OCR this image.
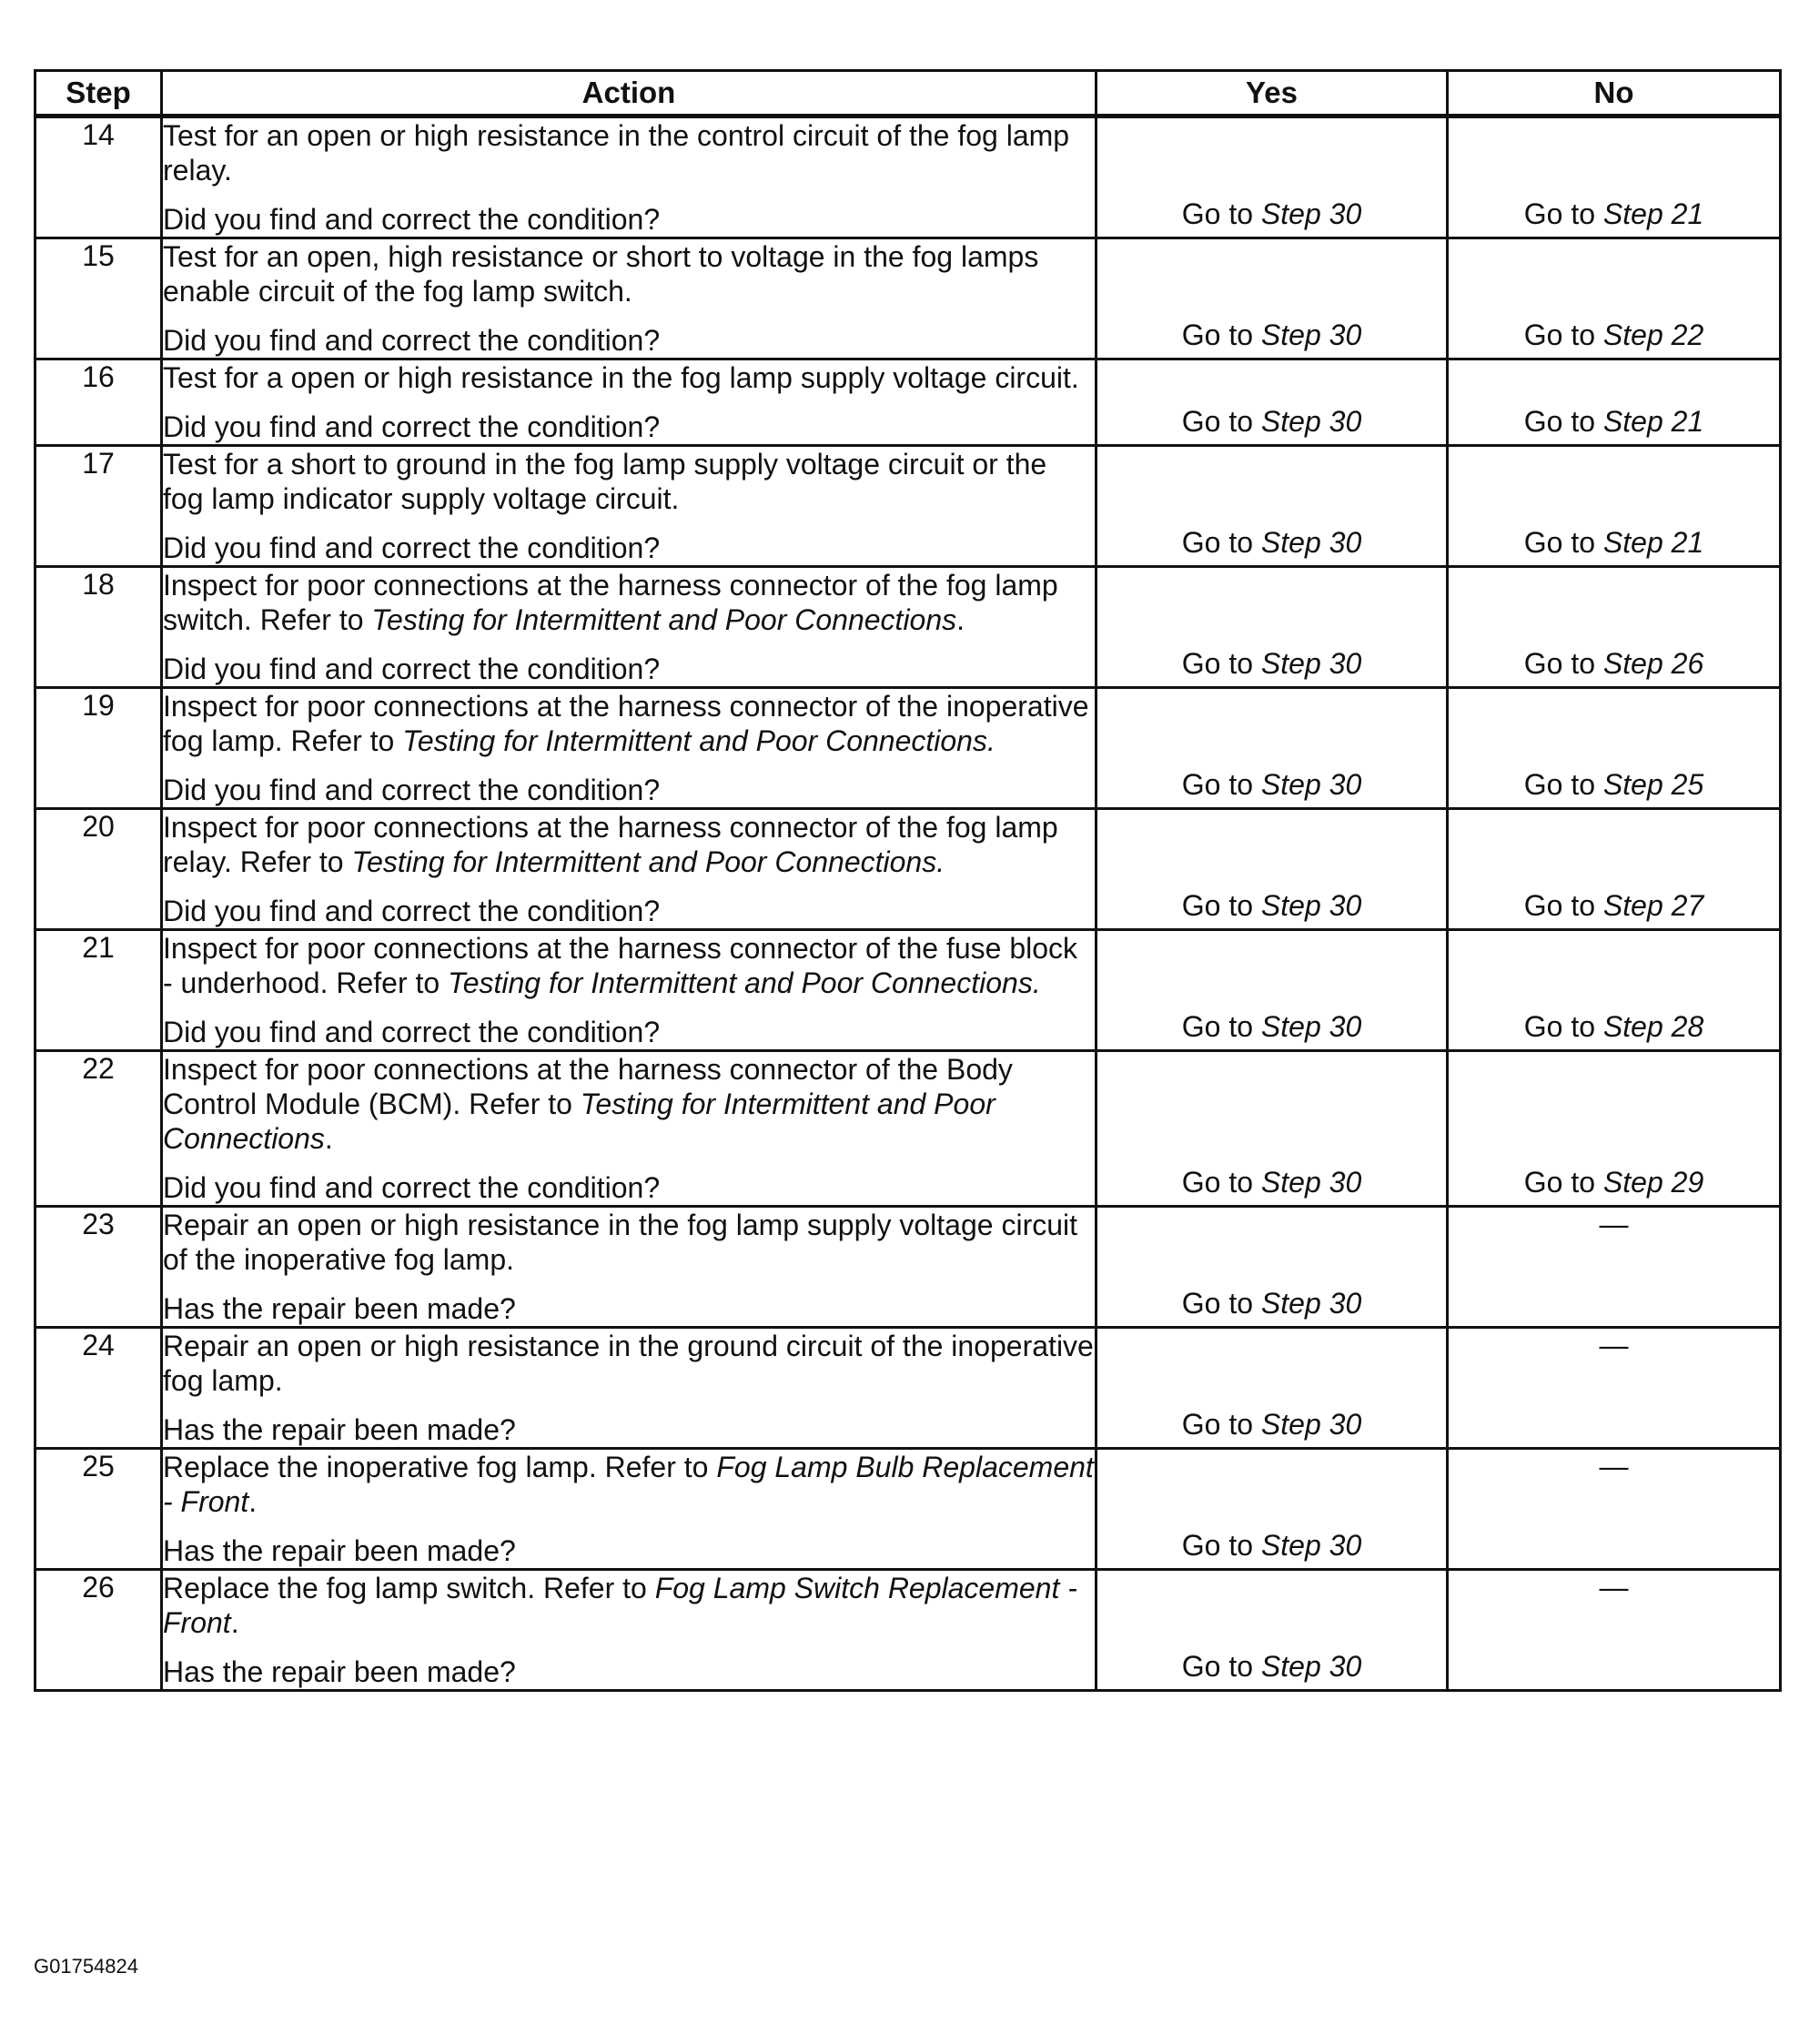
Step	Action	Yes	No
14	Test for an open or high resistance in the control circuit of the fog lamp relay.
Did you find and correct the condition?	Go to Step 30	Go to Step 21

15	Test for an open, high resistance or short to voltage in the fog lamps enable circuit of the fog lamp switch.
Did you find and correct the condition?	Go to Step 30	Go to Step 22

16	Test for a open or high resistance in the fog lamp supply voltage circuit.
Did you find and correct the condition?	Go to Step 30	Go to Step 21

17	Test for a short to ground in the fog lamp supply voltage circuit or the fog lamp indicator supply voltage circuit.
Did you find and correct the condition?	Go to Step 30	Go to Step 21

18	Inspect for poor connections at the harness connector of the fog lamp switch. Refer to Testing for Intermittent and Poor Connections.
Did you find and correct the condition?	Go to Step 30	Go to Step 26

19	Inspect for poor connections at the harness connector of the inoperative fog lamp. Refer to Testing for Intermittent and Poor Connections.
Did you find and correct the condition?	Go to Step 30	Go to Step 25

20	Inspect for poor connections at the harness connector of the fog lamp relay. Refer to Testing for Intermittent and Poor Connections.
Did you find and correct the condition?	Go to Step 30	Go to Step 27

21	Inspect for poor connections at the harness connector of the fuse block - underhood. Refer to Testing for Intermittent and Poor Connections.
Did you find and correct the condition?	Go to Step 30	Go to Step 28

22	Inspect for poor connections at the harness connector of the Body Control Module (BCM). Refer to Testing for Intermittent and Poor Connections.
Did you find and correct the condition?	Go to Step 30	Go to Step 29

23	Repair an open or high resistance in the fog lamp supply voltage circuit of the inoperative fog lamp.
Has the repair been made?	Go to Step 30	—

24	Repair an open or high resistance in the ground circuit of the inoperative fog lamp.
Has the repair been made?	Go to Step 30	—

25	Replace the inoperative fog lamp. Refer to Fog Lamp Bulb Replacement - Front.
Has the repair been made?	Go to Step 30	—

26	Replace the fog lamp switch. Refer to Fog Lamp Switch Replacement - Front.
Has the repair been made?	Go to Step 30	—
G01754824
